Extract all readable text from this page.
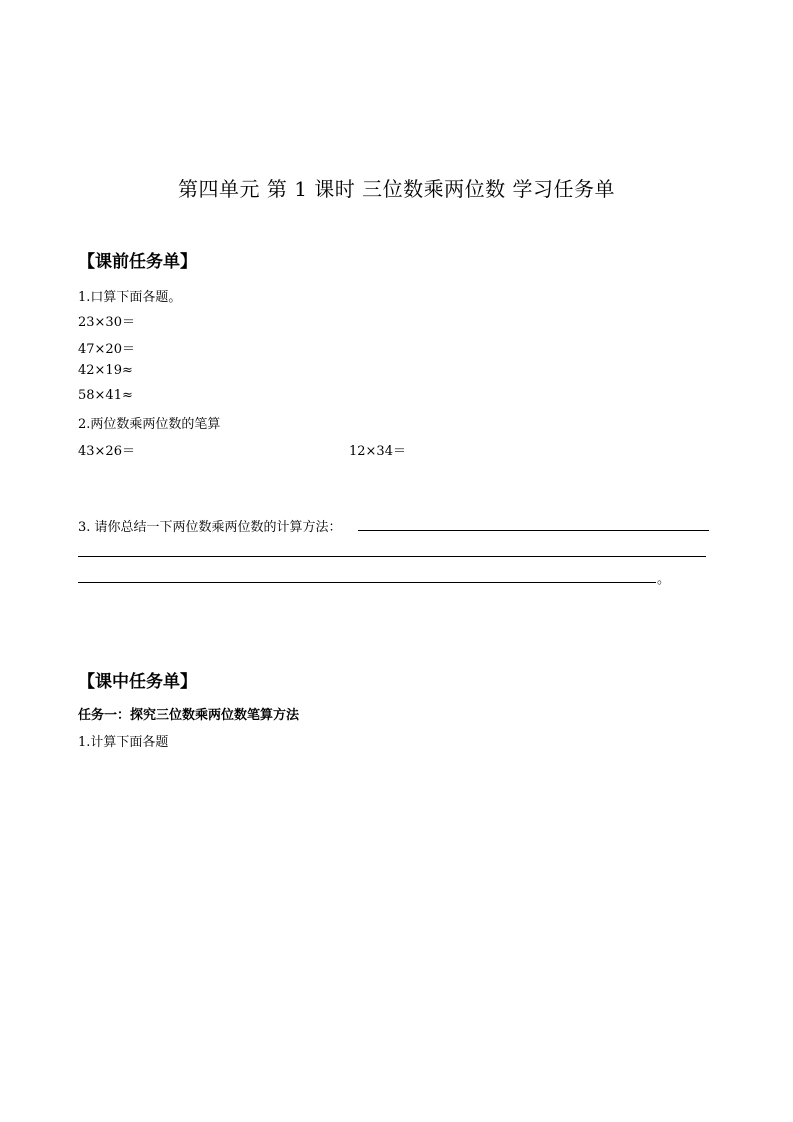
第四单元 第 1 课时 三位数乘两位数 学习任务单
【课前任务单】
1.口算下面各题。
23×30＝
47×20＝
42×19≈
58×41≈
2.两位数乘两位数的笔算
43×26＝	12×34＝
3. 请你总结一下两位数乘两位数的计算方法：
。
【课中任务单】
任务一：探究三位数乘两位数笔算方法
1.计算下面各题
